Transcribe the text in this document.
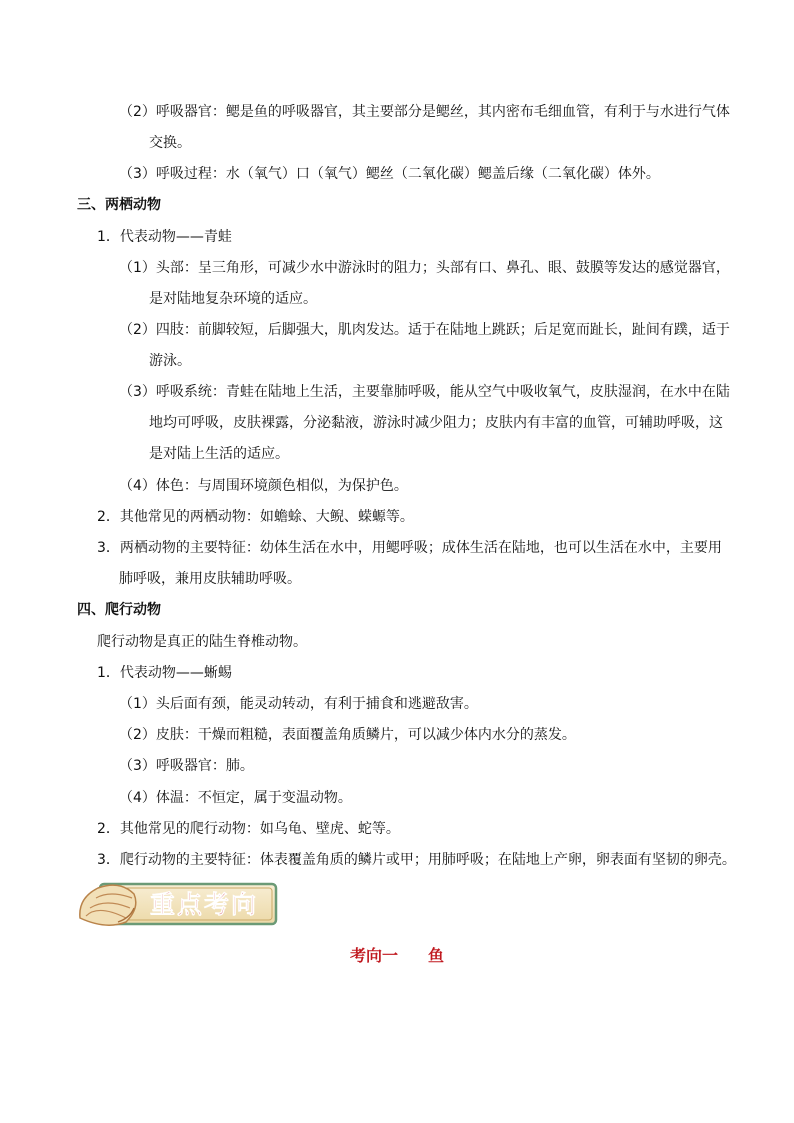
（2）呼吸器官：鳃是鱼的呼吸器官，其主要部分是鳃丝，其内密布毛细血管，有利于与水进行气体
交换。
（3）呼吸过程：水（氧气）口（氧气）鳃丝（二氧化碳）鳃盖后缘（二氧化碳）体外。
三、两栖动物
1．代表动物——青蛙
（1）头部：呈三角形，可减少水中游泳时的阻力；头部有口、鼻孔、眼、鼓膜等发达的感觉器官，
是对陆地复杂环境的适应。
（2）四肢：前脚较短，后脚强大，肌肉发达。适于在陆地上跳跃；后足宽而趾长，趾间有蹼，适于
游泳。
（3）呼吸系统：青蛙在陆地上生活，主要靠肺呼吸，能从空气中吸收氧气，皮肤湿润，在水中在陆
地均可呼吸，皮肤裸露，分泌黏液，游泳时减少阻力；皮肤内有丰富的血管，可辅助呼吸，这
是对陆上生活的适应。
（4）体色：与周围环境颜色相似，为保护色。
2．其他常见的两栖动物：如蟾蜍、大鲵、蝾螈等。
3．两栖动物的主要特征：幼体生活在水中，用鳃呼吸；成体生活在陆地，也可以生活在水中，主要用
肺呼吸，兼用皮肤辅助呼吸。
四、爬行动物
爬行动物是真正的陆生脊椎动物。
1．代表动物——蜥蜴
（1）头后面有颈，能灵动转动，有利于捕食和逃避敌害。
（2）皮肤：干燥而粗糙，表面覆盖角质鳞片，可以减少体内水分的蒸发。
（3）呼吸器官：肺。
（4）体温：不恒定，属于变温动物。
2．其他常见的爬行动物：如乌龟、壁虎、蛇等。
3．爬行动物的主要特征：体表覆盖角质的鳞片或甲；用肺呼吸；在陆地上产卵，卵表面有坚韧的卵壳。
重点考向
考向一 鱼
